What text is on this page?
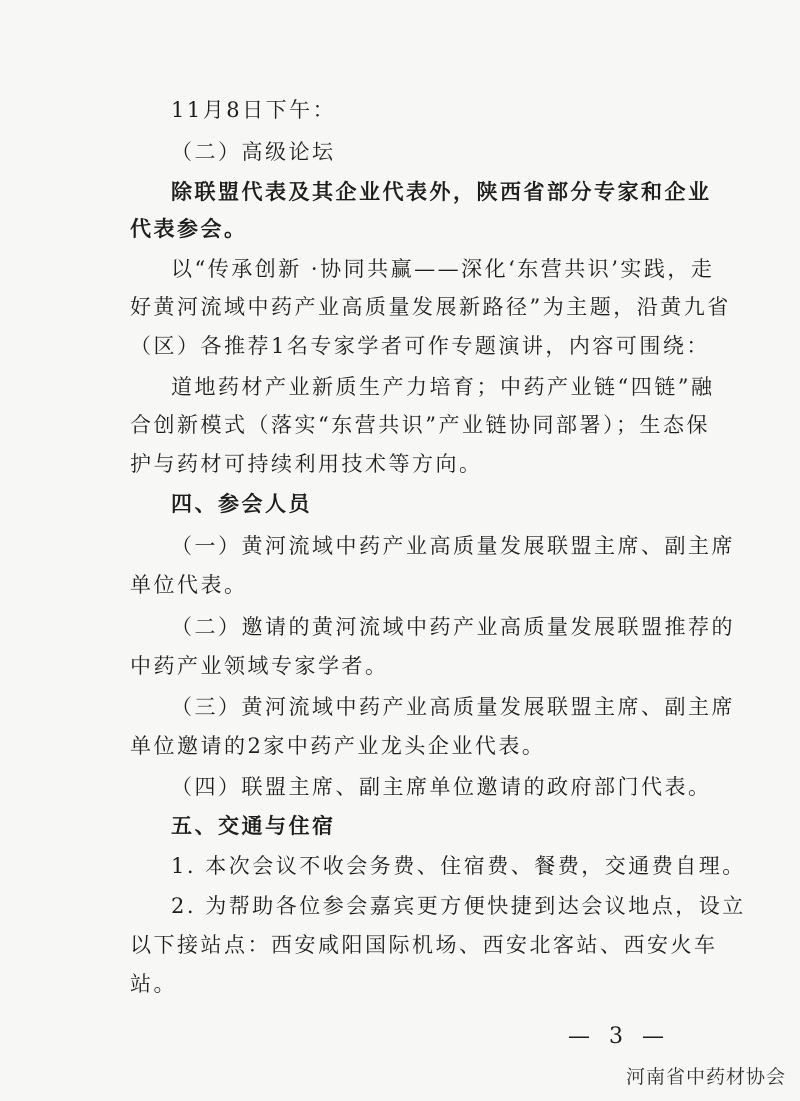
11月8日下午：
（二）高级论坛
除联盟代表及其企业代表外，陕西省部分专家和企业
代表参会。
以“传承创新 ·协同共赢——深化‘东营共识’实践，走
好黄河流域中药产业高质量发展新路径”为主题，沿黄九省
（区）各推荐1名专家学者可作专题演讲，内容可围绕：
道地药材产业新质生产力培育；中药产业链“四链”融
合创新模式（落实“东营共识”产业链协同部署）；生态保
护与药材可持续利用技术等方向。
四、参会人员
（一）黄河流域中药产业高质量发展联盟主席、副主席
单位代表。
（二）邀请的黄河流域中药产业高质量发展联盟推荐的
中药产业领域专家学者。
（三）黄河流域中药产业高质量发展联盟主席、副主席
单位邀请的2家中药产业龙头企业代表。
（四）联盟主席、副主席单位邀请的政府部门代表。
五、交通与住宿
1. 本次会议不收会务费、住宿费、餐费，交通费自理。
2. 为帮助各位参会嘉宾更方便快捷到达会议地点，设立
以下接站点：西安咸阳国际机场、西安北客站、西安火车
站。
— 3 —
河南省中药材协会
